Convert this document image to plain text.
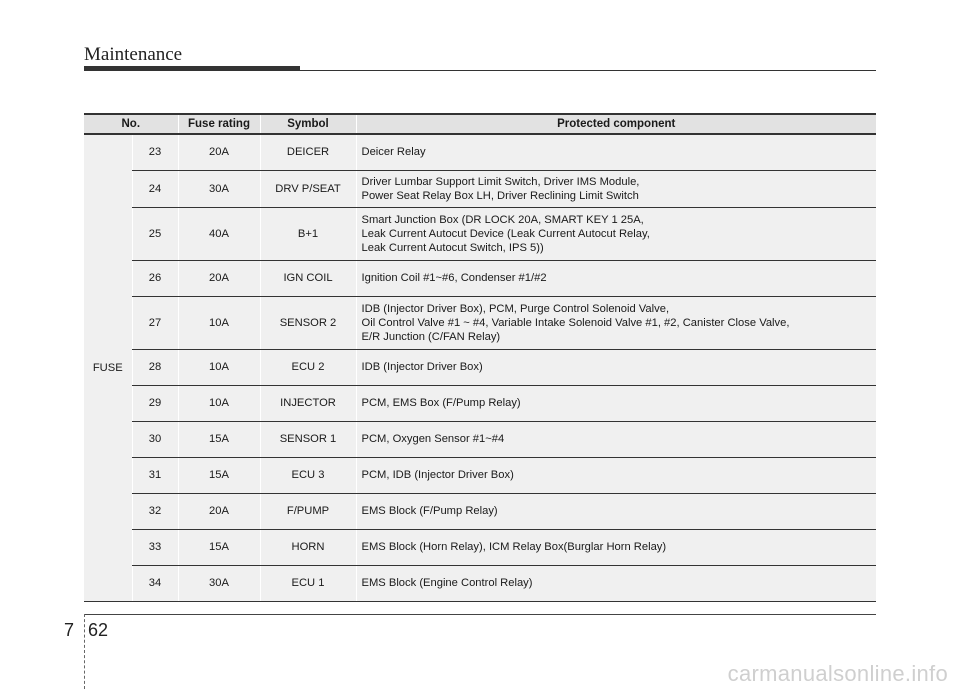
Maintenance
No.		Fuse rating	Symbol	Protected component
FUSE	23	20A	DEICER	Deicer Relay

	24	30A	DRV P/SEAT	Driver Lumbar Support Limit Switch, Driver IMS Module,
Power Seat Relay Box LH, Driver Reclining Limit Switch

	25	40A	B+1	Smart Junction Box (DR LOCK 20A, SMART KEY 1 25A,
Leak Current Autocut Device (Leak Current Autocut Relay,
Leak Current Autocut Switch, IPS 5))

	26	20A	IGN COIL	Ignition Coil #1~#6, Condenser #1/#2

	27	10A	SENSOR 2	IDB (Injector Driver Box), PCM, Purge Control Solenoid Valve,
Oil Control Valve #1 ~ #4, Variable Intake Solenoid Valve #1, #2, Canister Close Valve,
E/R Junction (C/FAN Relay)

	28	10A	ECU 2	IDB (Injector Driver Box)

	29	10A	INJECTOR	PCM, EMS Box (F/Pump Relay)

	30	15A	SENSOR 1	PCM, Oxygen Sensor #1~#4

	31	15A	ECU 3	PCM, IDB (Injector Driver Box)

	32	20A	F/PUMP	EMS Block (F/Pump Relay)

	33	15A	HORN	EMS Block (Horn Relay), ICM Relay Box(Burglar Horn Relay)

	34	30A	ECU 1	EMS Block (Engine Control Relay)
7 62
carmanualsonline.info
